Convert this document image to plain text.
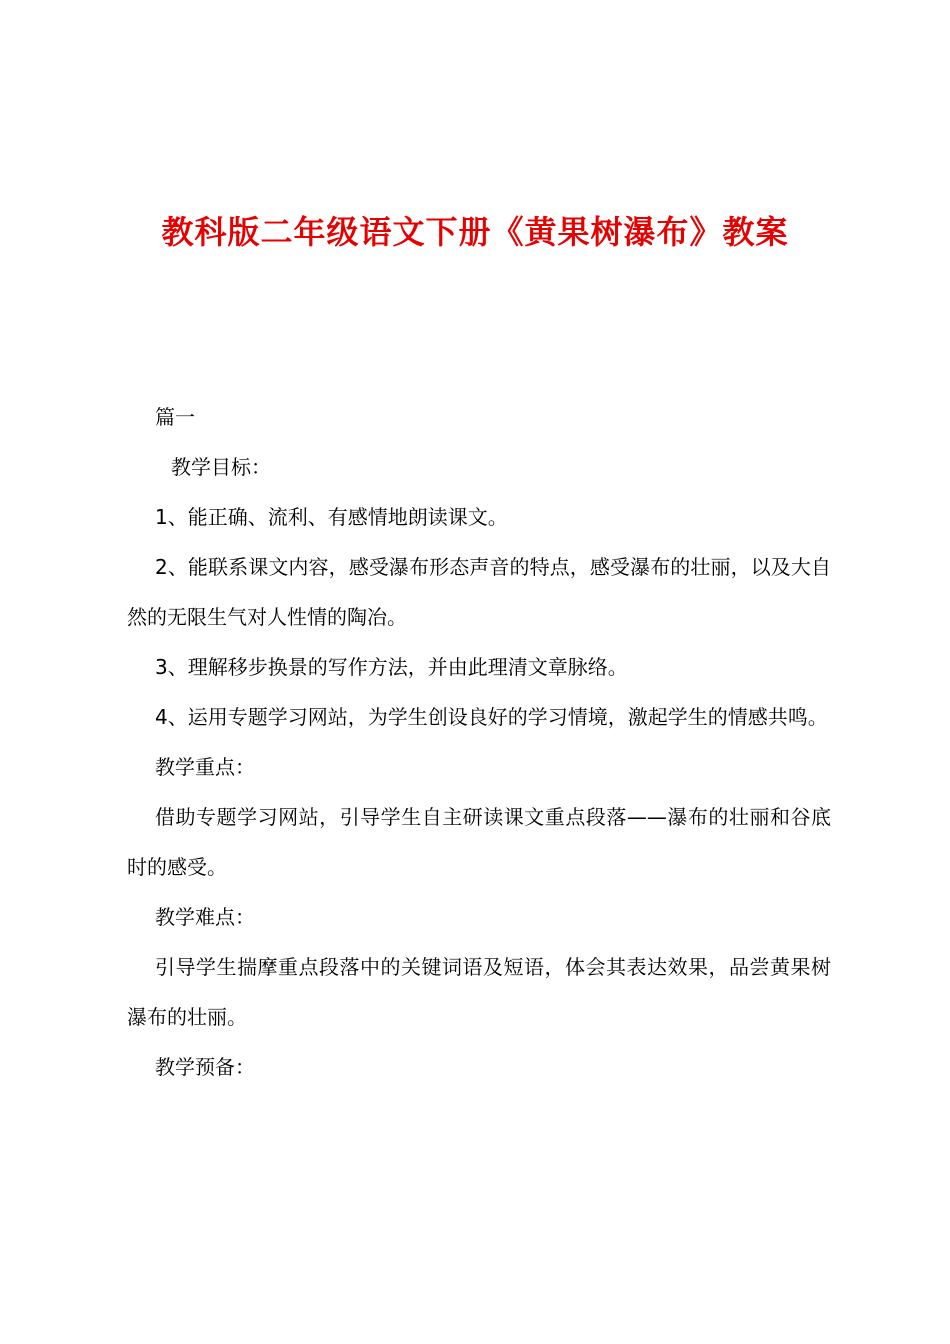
教科版二年级语文下册《黄果树瀑布》教案

篇一

教学目标：

1、能正确、流利、有感情地朗读课文。

2、能联系课文内容，感受瀑布形态声音的特点，感受瀑布的壮丽，以及大自然的无限生气对人性情的陶冶。

3、理解移步换景的写作方法，并由此理清文章脉络。

4、运用专题学习网站，为学生创设良好的学习情境，激起学生的情感共鸣。

教学重点：

借助专题学习网站，引导学生自主研读课文重点段落——瀑布的壮丽和谷底时的感受。

教学难点：

引导学生揣摩重点段落中的关键词语及短语，体会其表达效果，品尝黄果树瀑布的壮丽。

教学预备：
